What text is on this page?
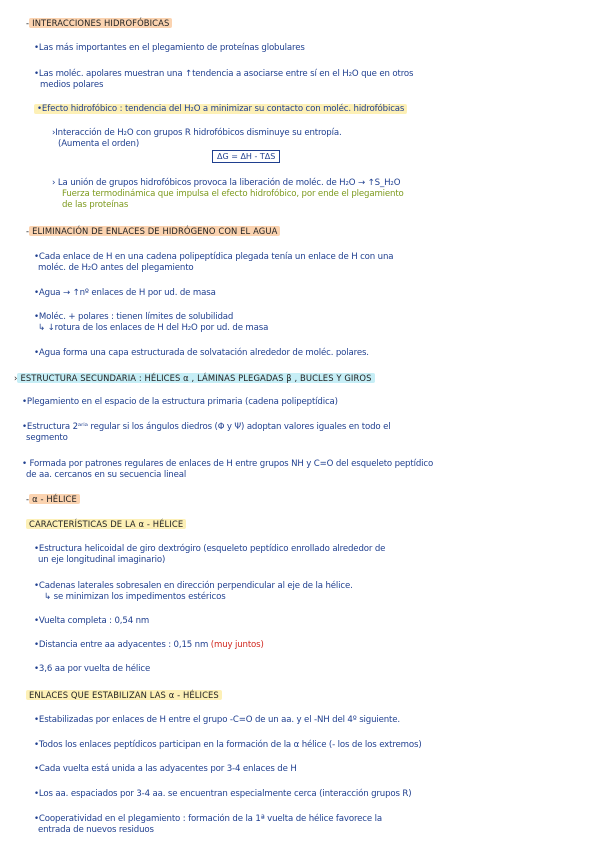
- INTERACCIONES HIDROFÓBICAS
•Las más importantes en el plegamiento de proteínas globulares
•Las moléc. apolares muestran una ↑tendencia a asociarse entre sí en el H₂O que en otros
medios polares
•Efecto hidrofóbico : tendencia del H₂O a minimizar su contacto con moléc. hidrofóbicas
›Interacción de H₂O con grupos R hidrofóbicos disminuye su entropía.
(Aumenta el orden)
ΔG = ΔH - TΔS
› La unión de grupos hidrofóbicos provoca la liberación de moléc. de H₂O → ↑S_H₂O
Fuerza termodinámica que impulsa el efecto hidrofóbico, por ende el plegamiento
de las proteínas
- ELIMINACIÓN DE ENLACES DE HIDRÓGENO CON EL AGUA
•Cada enlace de H en una cadena polipeptídica plegada tenía un enlace de H con una
moléc. de H₂O antes del plegamiento
•Agua → ↑nº enlaces de H por ud. de masa
•Moléc. + polares : tienen límites de solubilidad
↳ ↓rotura de los enlaces de H del H₂O por ud. de masa
•Agua forma una capa estructurada de solvatación alrededor de moléc. polares.
› ESTRUCTURA SECUNDARIA : HÉLICES α , LÁMINAS PLEGADAS β , BUCLES Y GIROS
•Plegamiento en el espacio de la estructura primaria (cadena polipeptídica)
•Estructura 2ᵃʳⁱᵃ regular si los ángulos diedros (Φ y Ψ) adoptan valores iguales en todo el
segmento
• Formada por patrones regulares de enlaces de H entre grupos NH y C=O del esqueleto peptídico
de aa. cercanos en su secuencia lineal
- α - HÉLICE
CARACTERÍSTICAS DE LA α - HÉLICE
•Estructura helicoidal de giro dextrógiro (esqueleto peptídico enrollado alrededor de
un eje longitudinal imaginario)
•Cadenas laterales sobresalen en dirección perpendicular al eje de la hélice.
↳ se minimizan los impedimentos estéricos
•Vuelta completa : 0,54 nm
•Distancia entre aa adyacentes : 0,15 nm (muy juntos)
•3,6 aa por vuelta de hélice
ENLACES QUE ESTABILIZAN LAS α - HÉLICES
•Estabilizadas por enlaces de H entre el grupo -C=O de un aa. y el -NH del 4º siguiente.
•Todos los enlaces peptídicos participan en la formación de la α hélice (- los de los extremos)
•Cada vuelta está unida a las adyacentes por 3-4 enlaces de H
•Los aa. espaciados por 3-4 aa. se encuentran especialmente cerca (interacción grupos R)
•Cooperatividad en el plegamiento : formación de la 1ª vuelta de hélice favorece la
entrada de nuevos residuos
